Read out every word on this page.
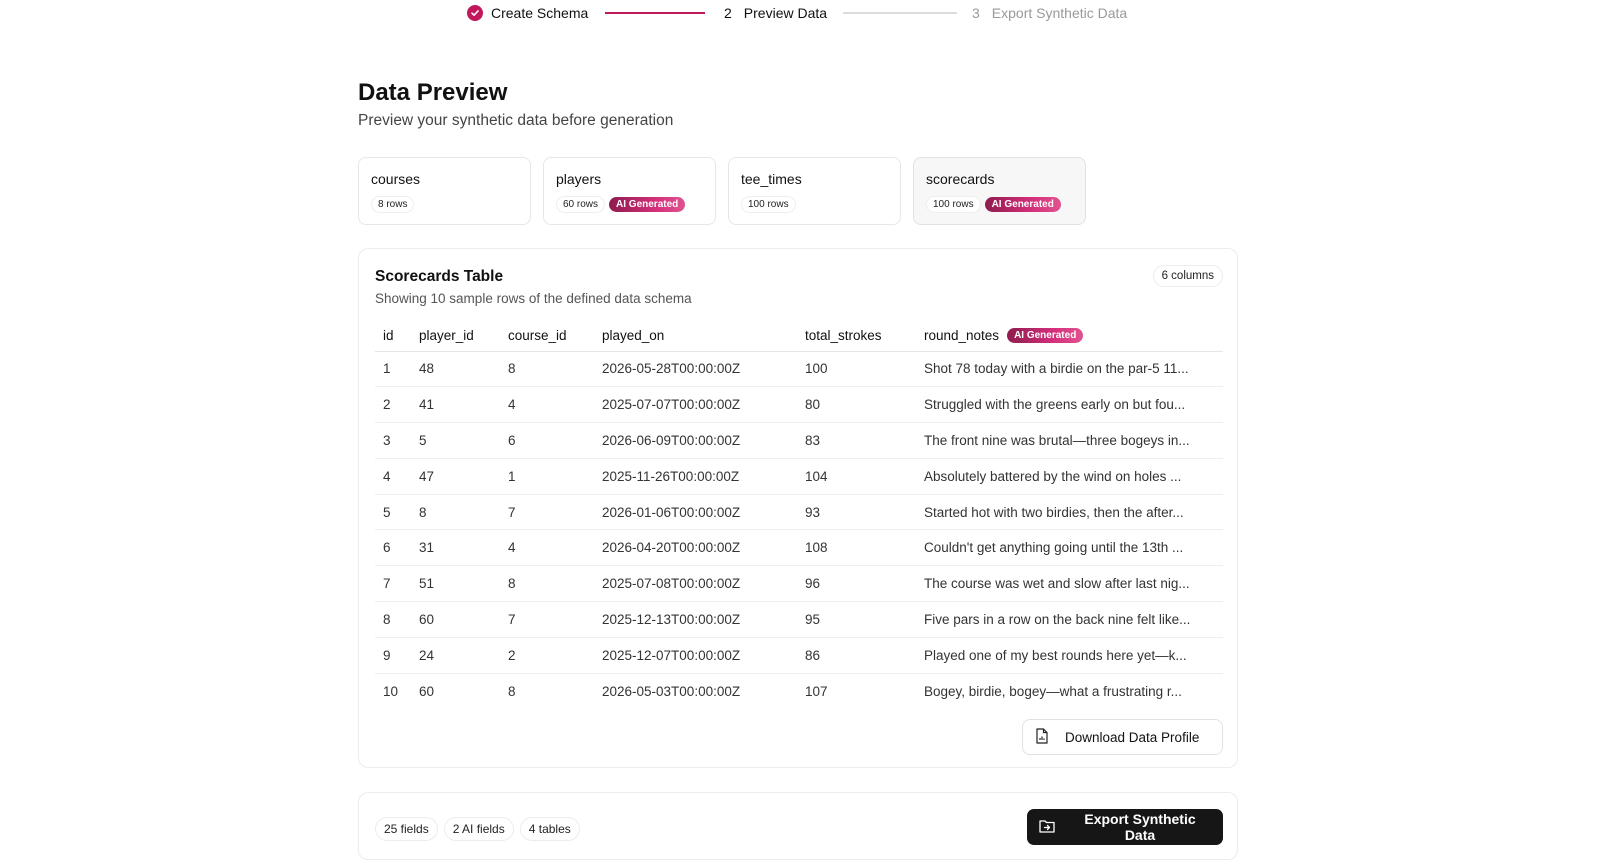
Create Schema	2 Preview Data	3 Export Synthetic Data
Data Preview

Preview your synthetic data before generation

courses
8 rows
players
60 rows	AI Generated
tee_times
100 rows
scorecards
100 rows	AI Generated
Scorecards Table
Showing 10 sample rows of the defined data schema
6 columns
id	player_id	course_id	played_on	total_strokes	round_notes AI Generated

1	48	8	2026-05-28T00:00:00Z	100	Shot 78 today with a birdie on the par-5 11...
2	41	4	2025-07-07T00:00:00Z	80	Struggled with the greens early on but fou...
3	5	6	2026-06-09T00:00:00Z	83	The front nine was brutal—three bogeys in...
4	47	1	2025-11-26T00:00:00Z	104	Absolutely battered by the wind on holes ...
5	8	7	2026-01-06T00:00:00Z	93	Started hot with two birdies, then the after...
6	31	4	2026-04-20T00:00:00Z	108	Couldn't get anything going until the 13th ...
7	51	8	2025-07-08T00:00:00Z	96	The course was wet and slow after last nig...
8	60	7	2025-12-13T00:00:00Z	95	Five pars in a row on the back nine felt like...
9	24	2	2025-12-07T00:00:00Z	86	Played one of my best rounds here yet—k...
10	60	8	2026-05-03T00:00:00Z	107	Bogey, birdie, bogey—what a frustrating r...
Download Data Profile
25 fields	2 AI fields	4 tables
Export Synthetic Data
